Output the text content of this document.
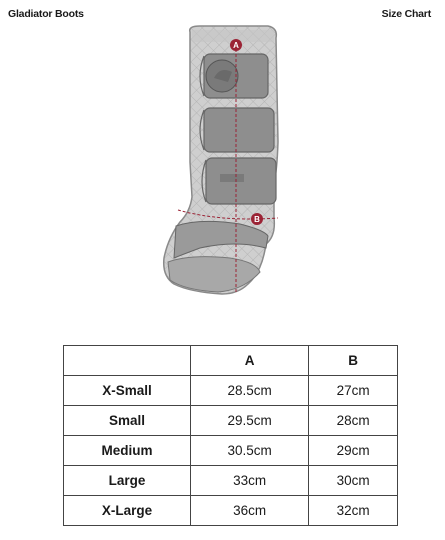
Gladiator Boots	Size Chart
A
B
	A	B
X-Small	28.5cm	27cm
Small	29.5cm	28cm
Medium	30.5cm	29cm
Large	33cm	30cm
X-Large	36cm	32cm
